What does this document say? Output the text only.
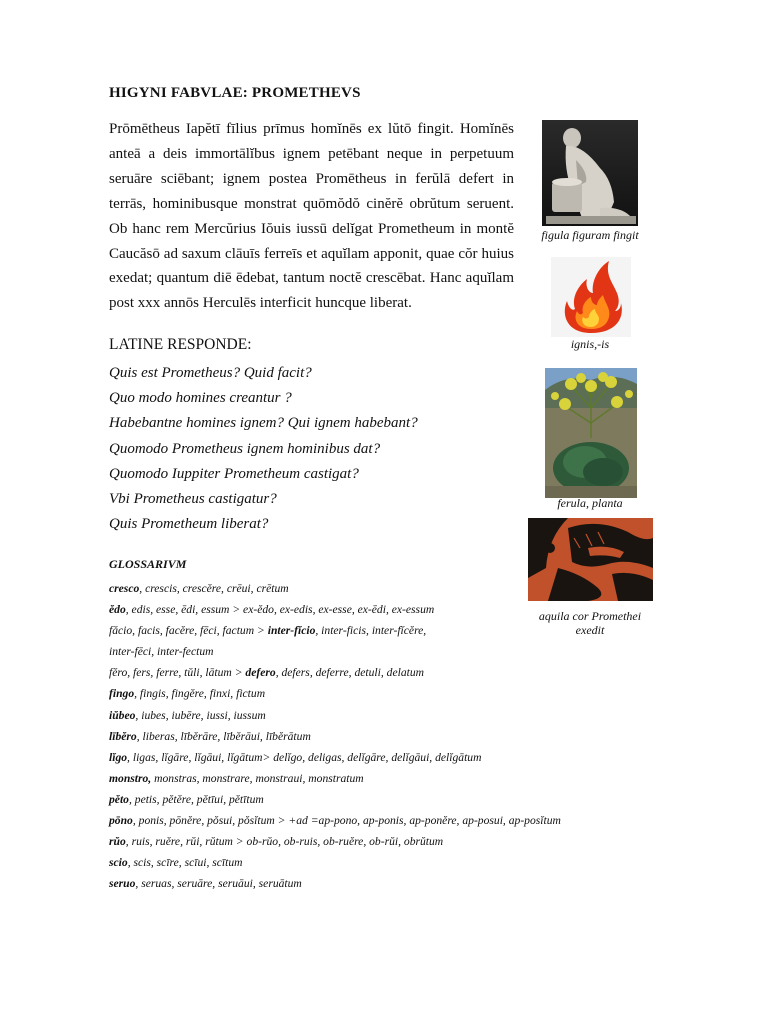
HIGYNI FABVLAE: PROMETHEVS
Prōmētheus Iapĕtī fīlius prīmus homĭnēs ex lŭtō fingit. Homĭnēs anteā a deis immortālĭbus ignem petēbant neque in perpetuum seruāre sciēbant; ignem postea Promētheus in ferŭlā defert in terrās, hominibusque monstrat quōmŏdŏ cinĕrĕ obrŭtum seruent. Ob hanc rem Mercŭrius Iŏuis iussū delĭgat Prometheum in montĕ Caucăsō ad saxum clāuīs ferreīs et aquĭlam apponit, quae cŏr huius exedat; quantum diē ēdebat, tantum noctĕ crescēbat. Hanc aquĭlam post xxx annōs Herculēs interficit huncque liberat.
LATINE RESPONDE:
Quis est Prometheus? Quid facit?
Quo modo homines creantur ?
Habebantne homines ignem? Qui ignem habebant?
Quomodo Prometheus ignem hominibus dat?
Quomodo Iuppiter Prometheum castigat?
Vbi Prometheus castigatur?
Quis Prometheum liberat?
GLOSSARIVM
cresco, crescis, crescĕre, crēui, crētum
ĕdo, edis, esse, ēdi, essum > ex-ĕdo, ex-edis, ex-esse, ex-ēdi, ex-essum
făcio, facis, facĕre, fēci, factum > inter-fĭcio, inter-ficis, inter-fĭcĕre,
inter-fēci, inter-fectum
fĕro, fers, ferre, tŭli, lātum > defero, defers, deferre, detuli, delatum
fingo, fingis, fingĕre, finxi, fictum
iŭbeo, iubes, iubēre, iussi, iussum
lībĕro, liberas, lībĕrāre, lībĕrāui, lībĕrātum
lĭgo, ligas, lĭgāre, lĭgāui, lĭgātum> delĭgo, deligas, delĭgāre, delĭgāui, delĭgātum
monstro, monstras, monstrare, monstraui, monstratum
pĕto, petis, pĕtĕre, pĕtīui, pĕtītum
pōno, ponis, pōnĕre, pŏsui, pŏsĭtum > +ad =ap-pono, ap-ponis, ap-ponĕre, ap-posui, ap-posĭtum
rŭo, ruis, ruĕre, rŭi, rŭtum > ob-rŭo, ob-ruis, ob-ruĕre, ob-rŭi, obrŭtum
scio, scis, scīre, scīui, scītum
seruo, seruas, seruāre, seruāui, seruātum
figula figuram fingit
ignis,-is
ferula, planta
aquila cor Promethei
exedit
